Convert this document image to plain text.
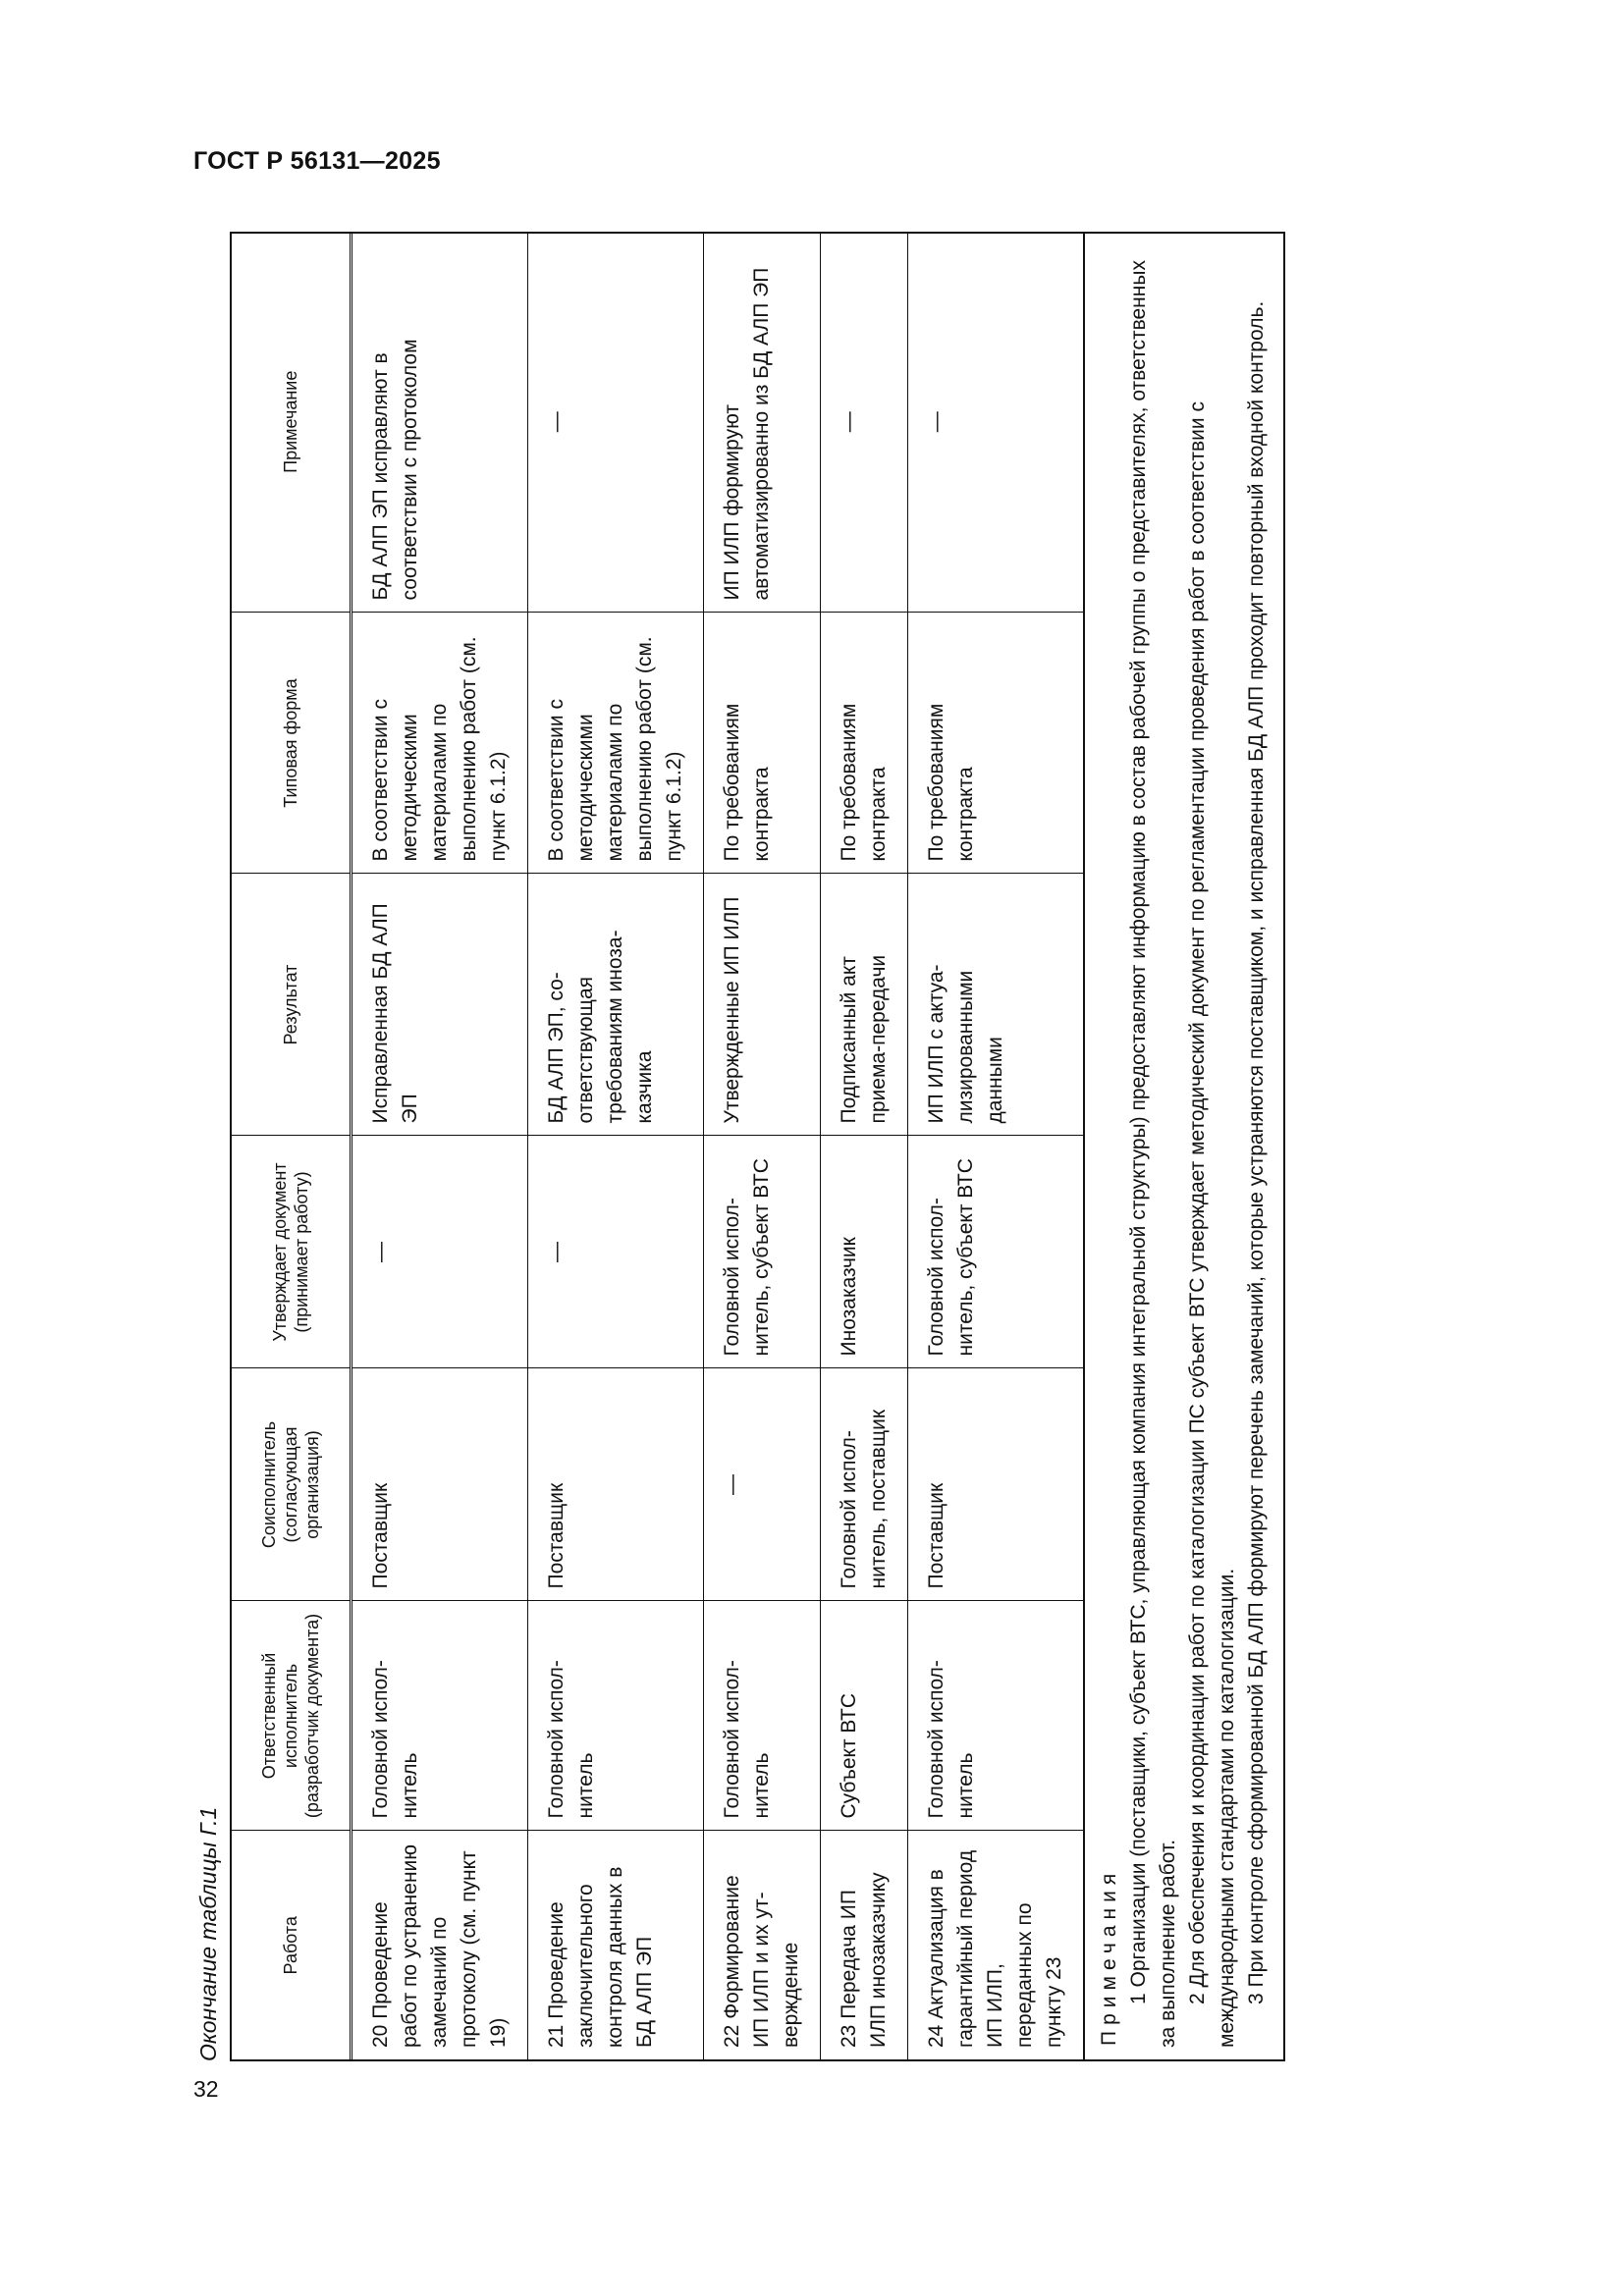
ГОСТ Р 56131—2025
Окончание таблицы Г.1	Работа	Ответственный исполнитель (разработчик документа)	Соисполнитель (согласующая организация)	Утверждает документ (принимает работу)	Результат	Типовая форма	Примечание
20 Проведение работ по устранению замечаний по протоколу (см. пункт 19)	Головной исполнитель	Поставщик	—	Исправленная БД АЛП ЭП	В соответствии с методическими материалами по выполнению работ (см. пункт 6.1.2)	БД АЛП ЭП исправляют в соответствии с протоколом
21 Проведение заключительного контроля данных в БД АЛП ЭП	Головной исполнитель	Поставщик	—	БД АЛП ЭП, соответствующая требованиям инозаказчика	В соответствии с методическими материалами по выполнению работ (см. пункт 6.1.2)	—
22 Формирование ИП ИЛП и их утверждение	Головной исполнитель	—	Головной исполнитель, субъект ВТС	Утвержденные ИП ИЛП	По требованиям контракта	ИП ИЛП формируют автоматизированно из БД АЛП ЭП
23 Передача ИП ИЛП инозаказчику	Субъект ВТС	Головной исполнитель, поставщик	Инозаказчик	Подписанный акт приема-передачи	По требованиям контракта	—
24 Актуализация в гарантийный период ИП ИЛП, переданных по пункту 23	Головной исполнитель	Поставщик	Головной исполнитель, субъект ВТС	ИП ИЛП с актуализированными данными	По требованиям контракта	—
Примечания 1 Организации (поставщики, субъект ВТС, управляющая компания интегральной структуры) предоставляют информацию в состав рабочей группы о представителях, ответственных за выполнение работ. 2 Для обеспечения и координации работ по каталогизации ПС субъект ВТС утверждает методический документ по регламентации проведения работ в соответствии с международными стандартами по каталогизации. 3 При контроле сформированной БД АЛП формируют перечень замечаний, которые устраняются поставщиком, и исправленная БД АЛП проходит повторный входной контроль.
32
